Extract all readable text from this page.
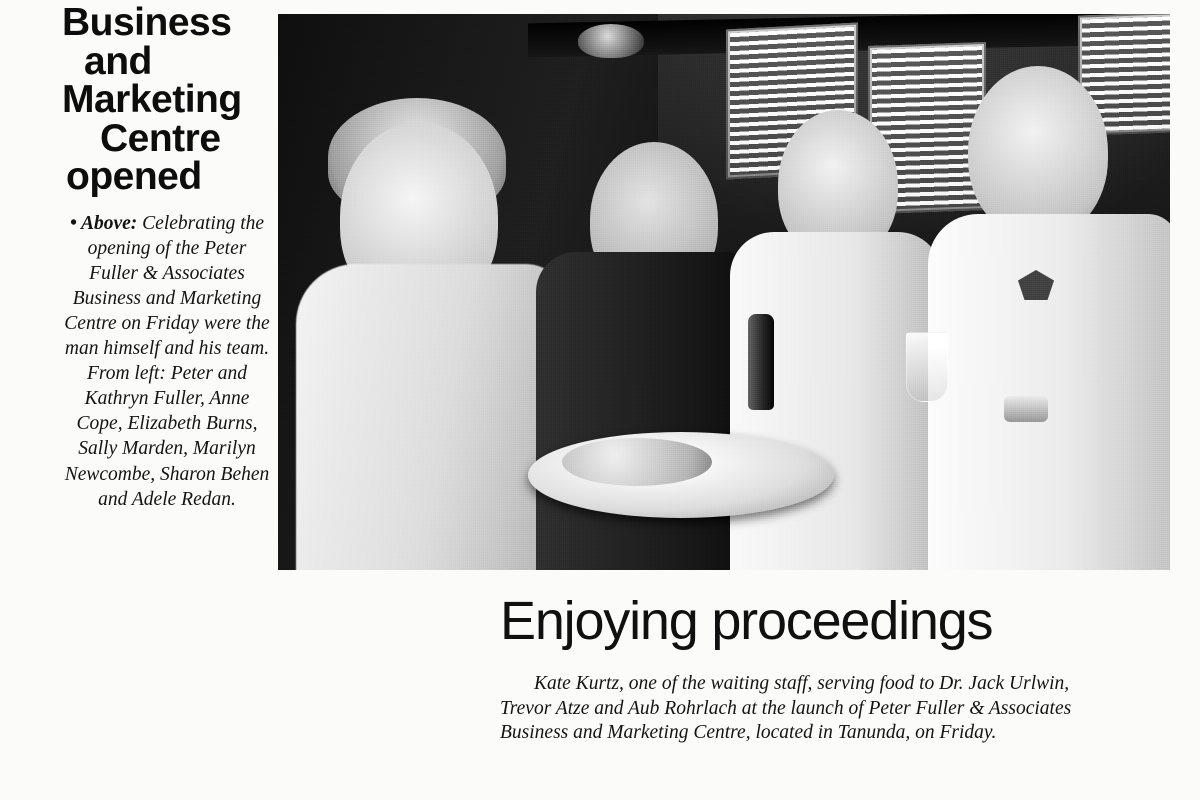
Business
and
Marketing
Centre
opened
• Above: Celebrating the opening of the Peter Fuller & Associates Business and Marketing Centre on Friday were the man himself and his team. From left: Peter and Kathryn Fuller, Anne Cope, Elizabeth Burns, Sally Marden, Marilyn Newcombe, Sharon Behen and Adele Redan.
Enjoying proceedings
Kate Kurtz, one of the waiting staff, serving food to Dr. Jack Urlwin, Trevor Atze and Aub Rohrlach at the launch of Peter Fuller & Associates Business and Marketing Centre, located in Tanunda, on Friday.
